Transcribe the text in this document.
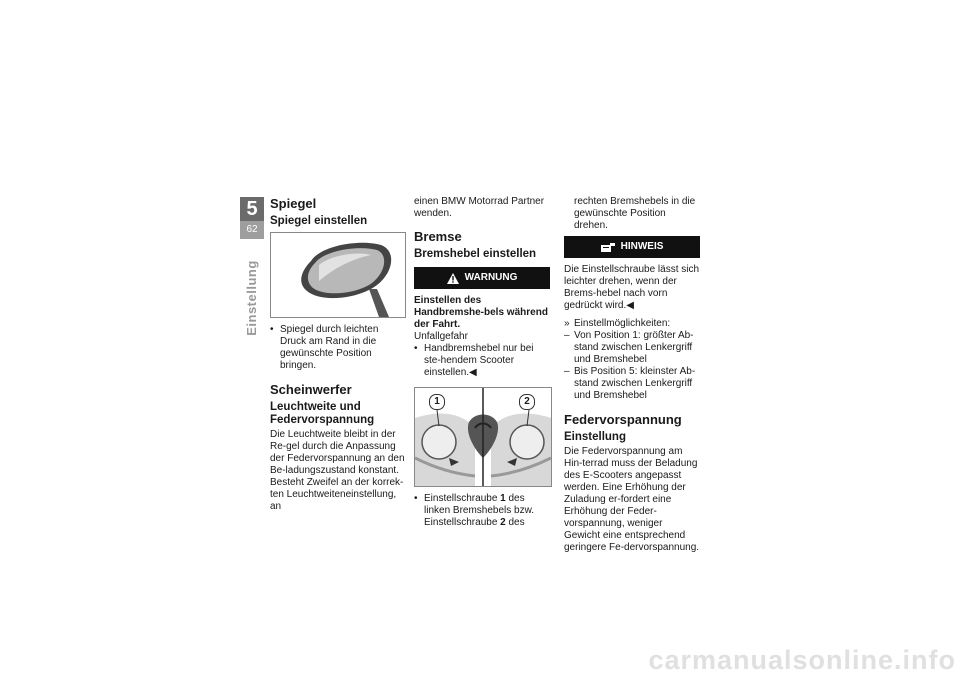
5
62
Einstellung
Spiegel
Spiegel einstellen

• Spiegel durch leichten Druck am Rand in die gewünschte Position bringen.

Scheinwerfer
Leuchtweite und Federvorspannung

Die Leuchtweite bleibt in der Re-gel durch die Anpassung der Federvorspannung an den Be-ladungszustand konstant. Besteht Zweifel an der korrek-ten Leuchtweiteneinstellung, an

einen BMW Motorrad Partner wenden.

Bremse
Bremshebel einstellen
WARNUNG

Einstellen des Handbremshe-bels während der Fahrt.

Unfallgefahr

• Handbremshebel nur bei ste-hendem Scooter einstellen.◀

1	2

• Einstellschraube 1 des linken Bremshebels bzw. Einstellschraube 2 des

rechten Bremshebels in die gewünschte Position drehen.

HINWEIS

Die Einstellschraube lässt sich leichter drehen, wenn der Brems-hebel nach vorn gedrückt wird.◀

» Einstellmöglichkeiten:

– Von Position 1: größter Ab-stand zwischen Lenkergriff und Bremshebel

– Bis Position 5: kleinster Ab-stand zwischen Lenkergriff und Bremshebel

Federvorspannung
Einstellung

Die Federvorspannung am Hin-terrad muss der Beladung des E-Scooters angepasst werden. Eine Erhöhung der Zuladung er-fordert eine Erhöhung der Feder-vorspannung, weniger Gewicht eine entsprechend geringere Fe-dervorspannung.

carmanualsonline.info
